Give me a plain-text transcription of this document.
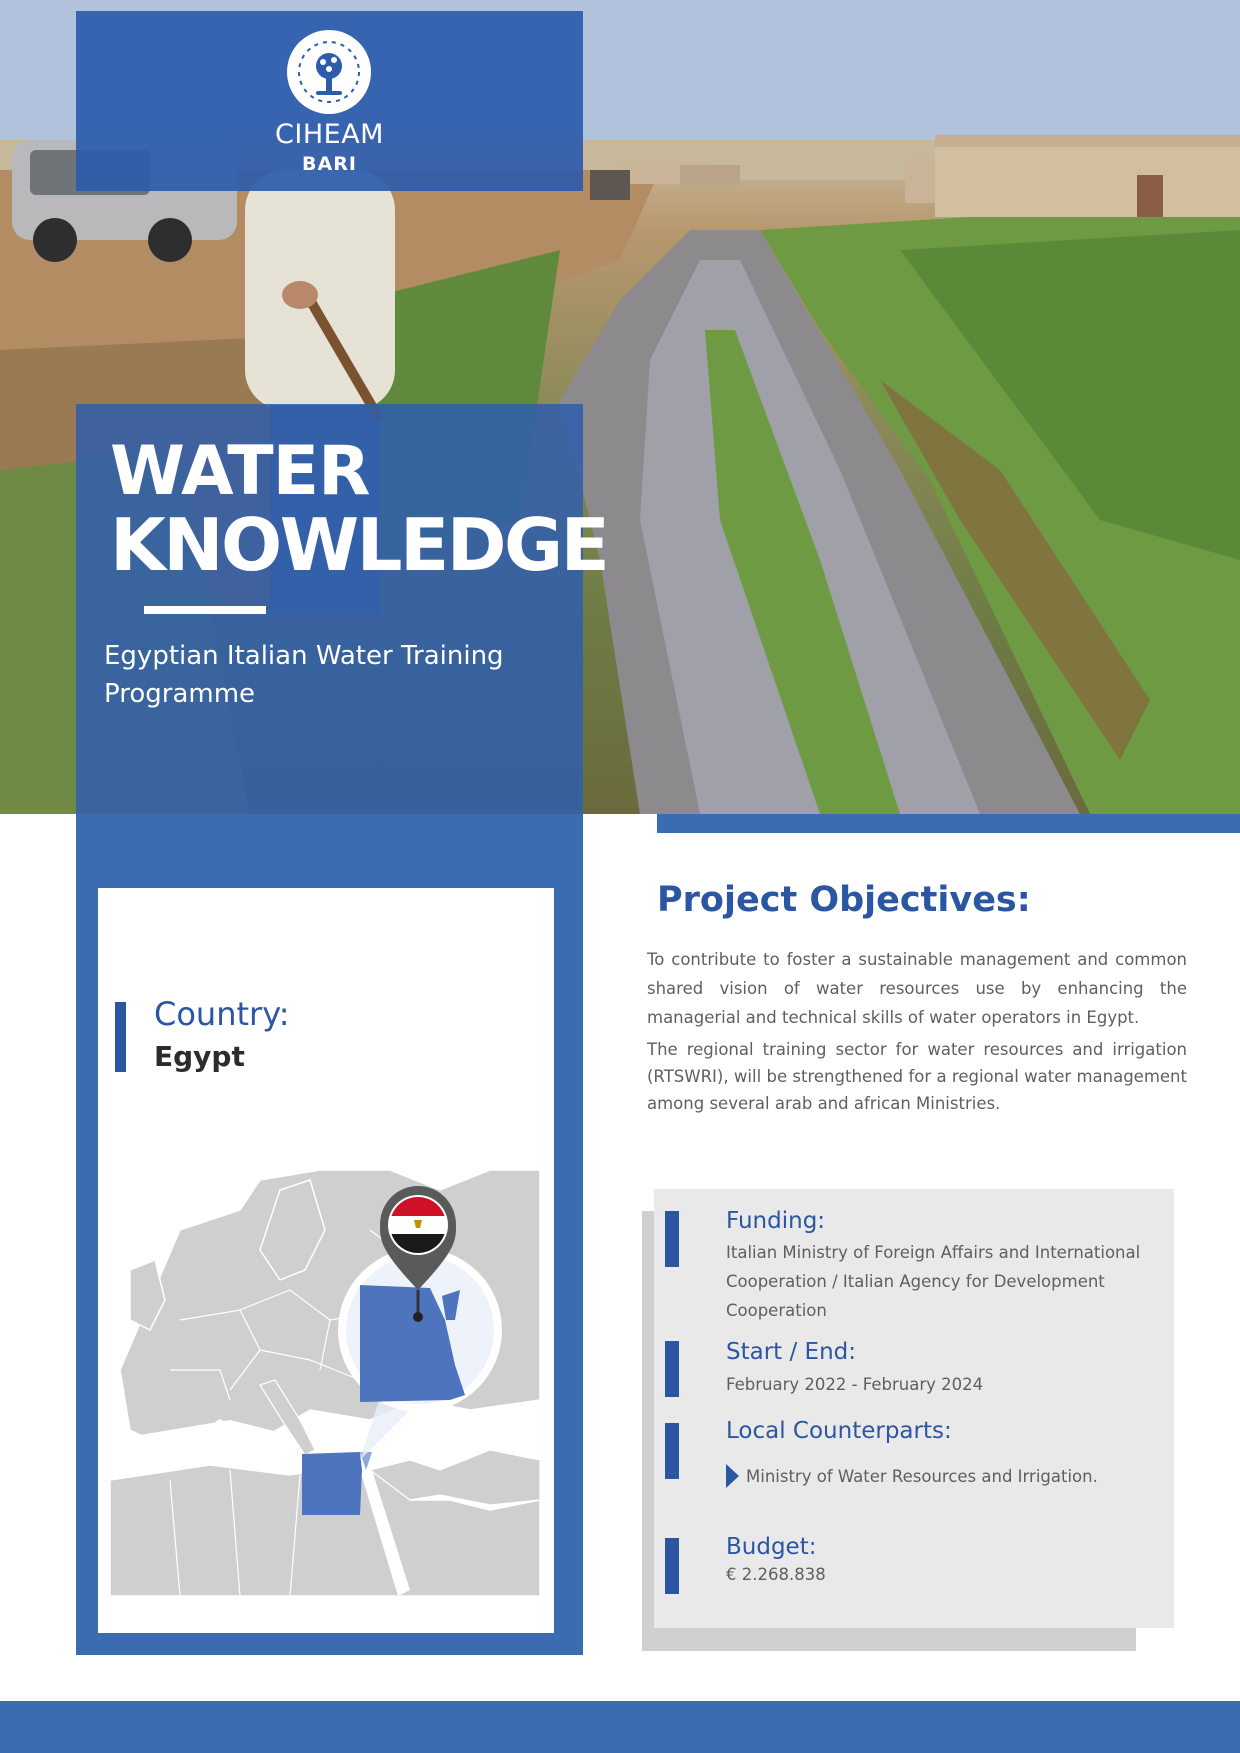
CIHEAM
BARI
WATER
KNOWLEDGE
Egyptian Italian Water Training Programme
Country:
Egypt
Project Objectives:
To contribute to foster a sustainable management and common shared vision of water resources use by enhancing the managerial and technical skills of water operators in Egypt.
The regional training sector for water resources and irrigation (RTSWRI), will be strengthened for a regional water management among several arab and african Ministries.
Funding:
Italian Ministry of Foreign Affairs and International Cooperation / Italian Agency for Development Cooperation
Start / End:
February 2022 - February 2024
Local Counterparts:
Ministry of Water Resources and Irrigation.
Budget:
€ 2.268.838
